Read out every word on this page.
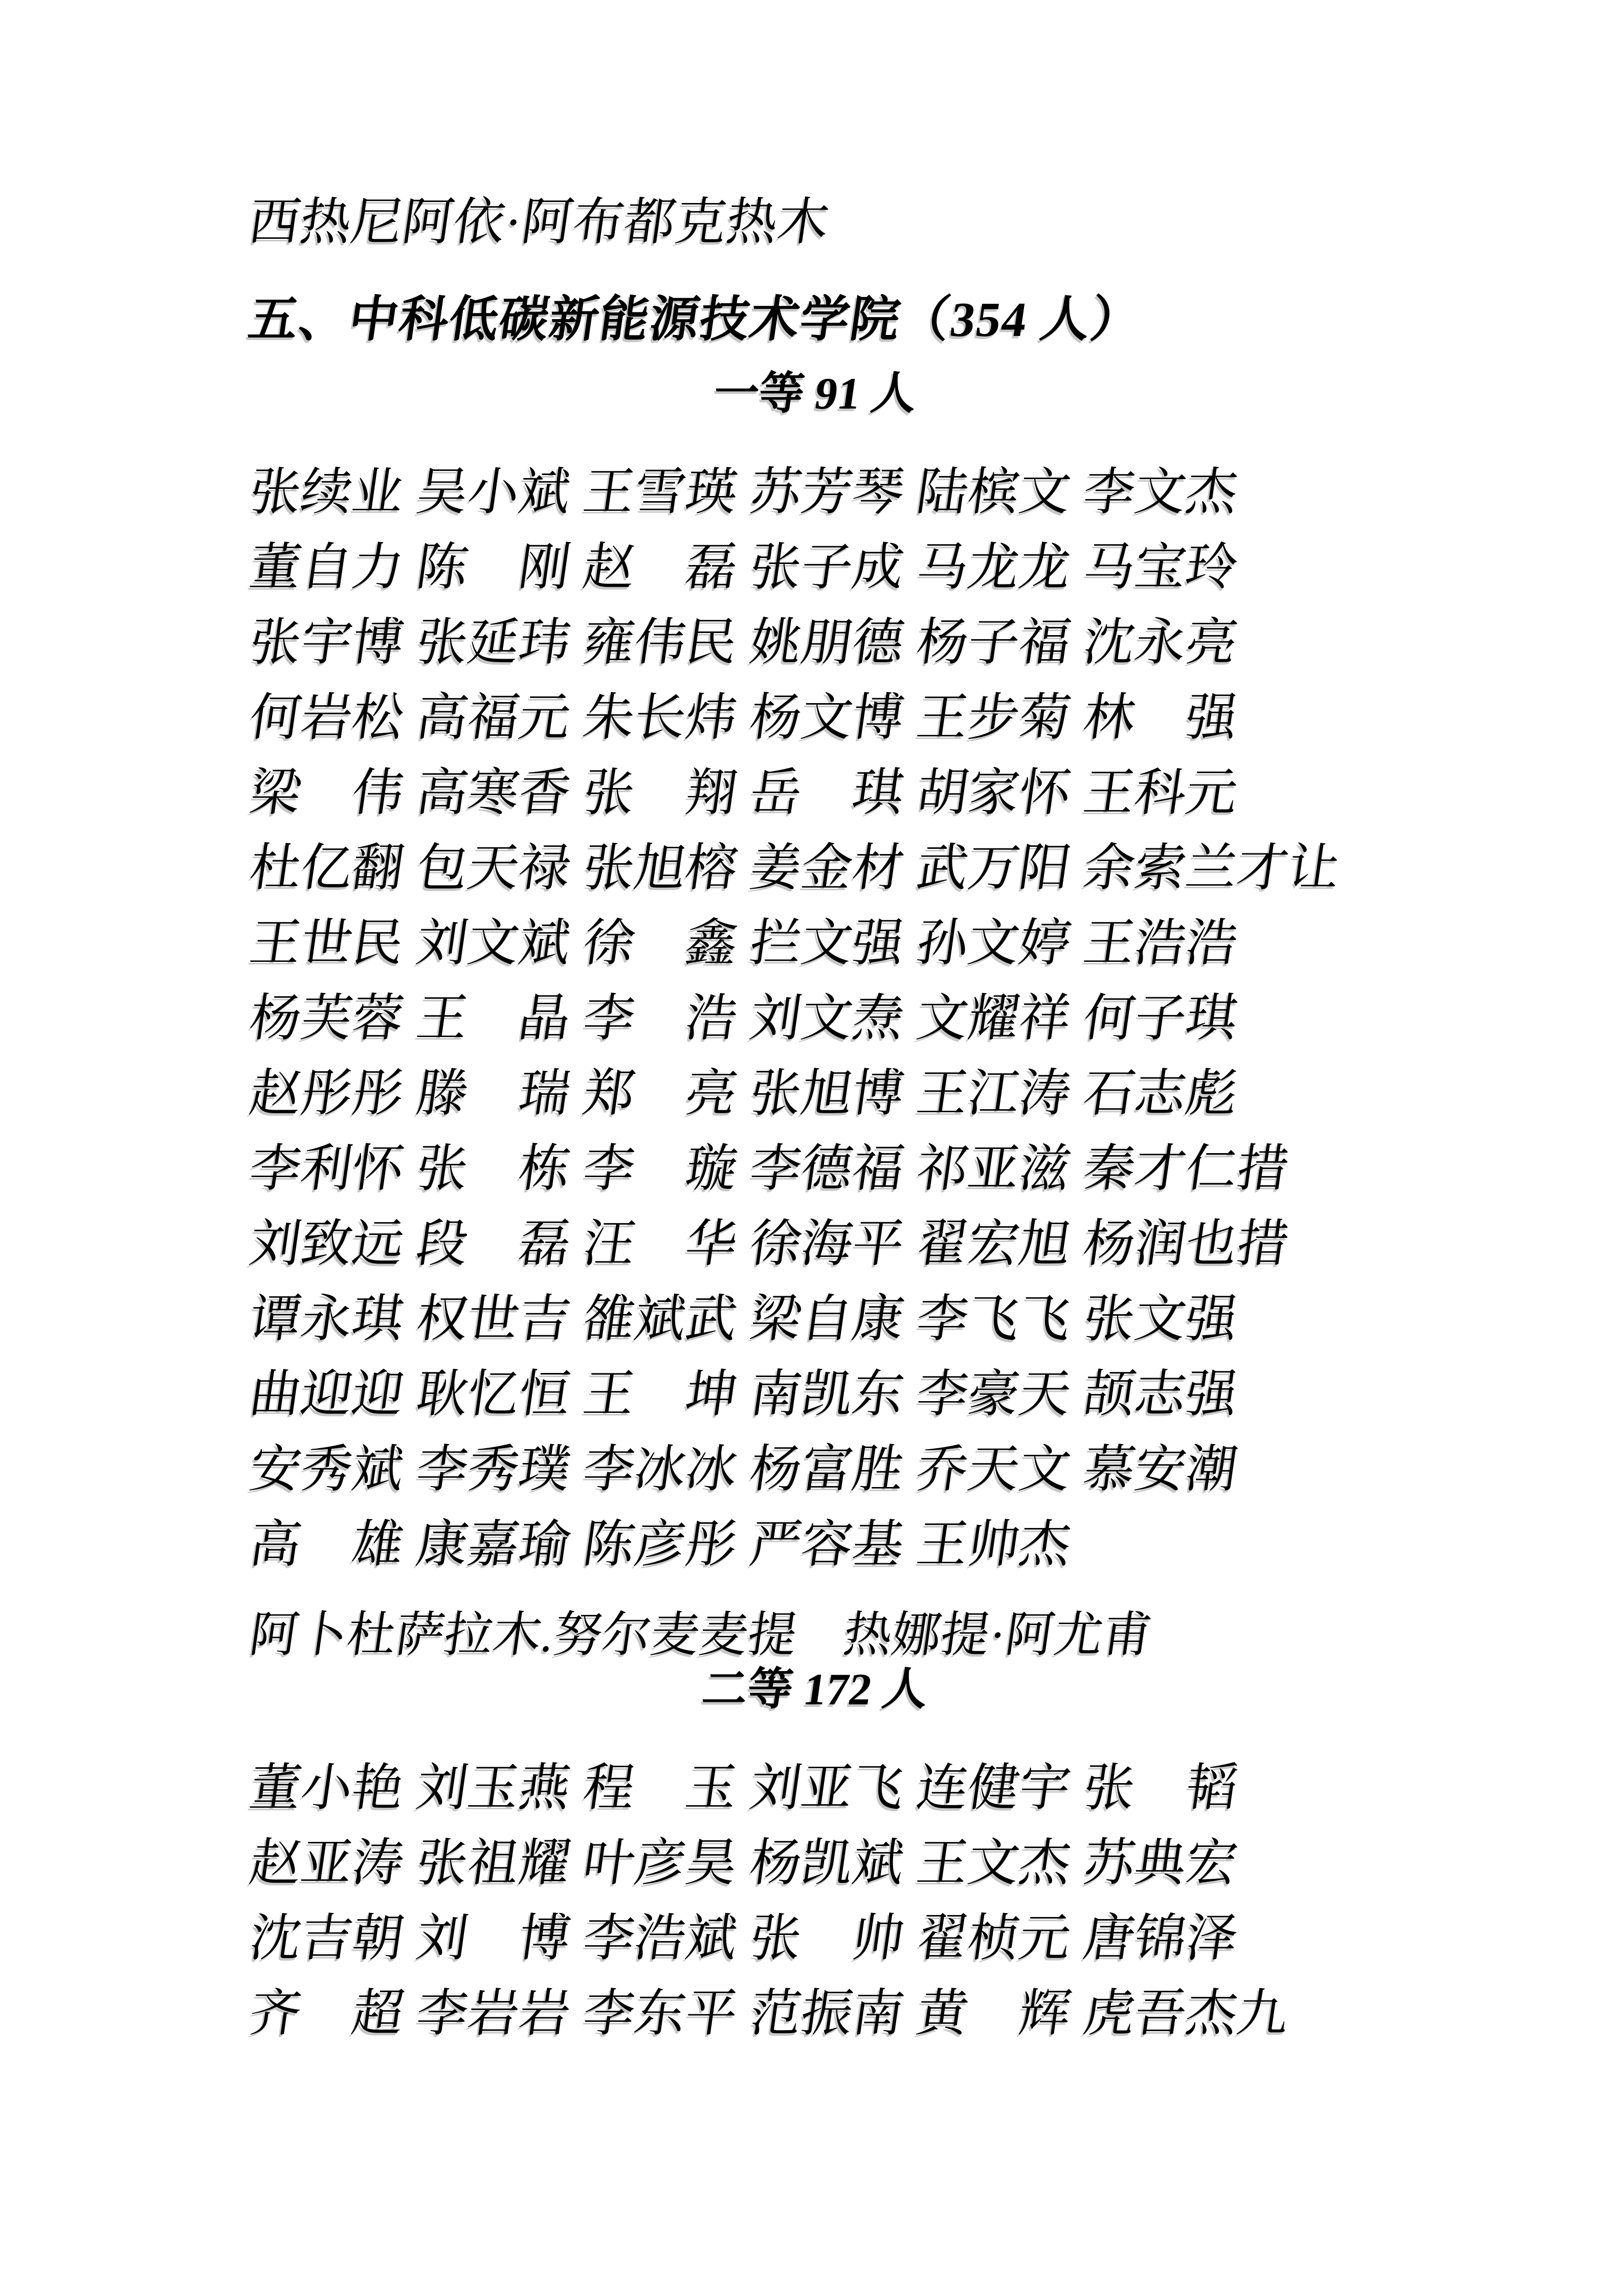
西热尼阿依·阿布都克热木
五、中科低碳新能源技术学院（354 人）
一等 91 人
张续业 吴小斌 王雪瑛 苏芳琴 陆槟文 李文杰
董自力 陈　刚 赵　磊 张子成 马龙龙 马宝玲
张宇博 张延玮 雍伟民 姚朋德 杨子福 沈永亮
何岩松 高福元 朱长炜 杨文博 王步菊 林　强
梁　伟 高寒香 张　翔 岳　琪 胡家怀 王科元
杜亿翻 包天禄 张旭榕 姜金材 武万阳 余索兰才让
王世民 刘文斌 徐　鑫 拦文强 孙文婷 王浩浩
杨芙蓉 王　晶 李　浩 刘文焘 文耀祥 何子琪
赵彤彤 滕　瑞 郑　亮 张旭博 王江涛 石志彪
李利怀 张　栋 李　璇 李德福 祁亚滋 秦才仁措
刘致远 段　磊 汪　华 徐海平 翟宏旭 杨润也措
谭永琪 权世吉 雒斌武 梁自康 李飞飞 张文强
曲迎迎 耿忆恒 王　坤 南凯东 李豪天 颉志强
安秀斌 李秀璞 李冰冰 杨富胜 乔天文 慕安潮
高　雄 康嘉瑜 陈彦彤 严容基 王帅杰
阿卜杜萨拉木.努尔麦麦提 热娜提·阿尤甫
二等 172 人
董小艳 刘玉燕 程　玉 刘亚飞 连健宇 张　韬
赵亚涛 张祖耀 叶彦昊 杨凯斌 王文杰 苏典宏
沈吉朝 刘　博 李浩斌 张　帅 翟桢元 唐锦泽
齐　超 李岩岩 李东平 范振南 黄　辉 虎吾杰九
